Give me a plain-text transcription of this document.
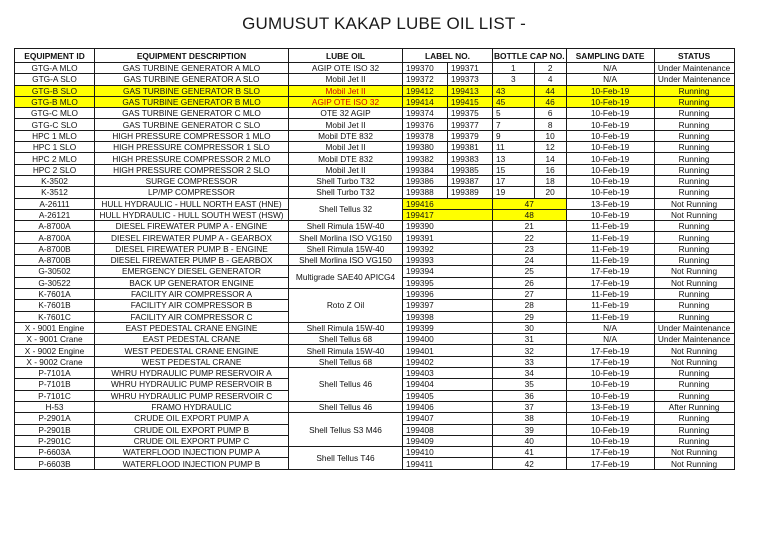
GUMUSUT KAKAP LUBE OIL LIST -
EQUIPMENT ID	EQUIPMENT DESCRIPTION	LUBE OIL	LABEL NO.		BOTTLE CAP NO.		SAMPLING DATE	STATUS
GTG-A MLO	GAS TURBINE GENERATOR A MLO	AGIP OTE ISO 32	199370	199371	1	2	N/A	Under Maintenance
GTG-A SLO	GAS TURBINE GENERATOR A SLO	Mobil Jet II	199372	199373	3	4	N/A	Under Maintenance
GTG-B SLO	GAS TURBINE GENERATOR B SLO	Mobil Jet II	199412	199413	43	44	10-Feb-19	Running
GTG-B MLO	GAS TURBINE GENERATOR B MLO	AGIP OTE ISO 32	199414	199415	45	46	10-Feb-19	Running
GTG-C MLO	GAS TURBINE GENERATOR C MLO	OTE 32 AGIP	199374	199375	5	6	10-Feb-19	Running
GTG-C SLO	GAS TURBINE GENERATOR C SLO	Mobil Jet II	199376	199377	7	8	10-Feb-19	Running
HPC 1 MLO	HIGH PRESSURE COMPRESSOR 1 MLO	Mobil DTE 832	199378	199379	9	10	10-Feb-19	Running
HPC 1 SLO	HIGH PRESSURE COMPRESSOR 1 SLO	Mobil Jet II	199380	199381	11	12	10-Feb-19	Running
HPC 2 MLO	HIGH PRESSURE COMPRESSOR 2 MLO	Mobil DTE 832	199382	199383	13	14	10-Feb-19	Running
HPC 2 SLO	HIGH PRESSURE COMPRESSOR 2 SLO	Mobil Jet II	199384	199385	15	16	10-Feb-19	Running
K-3502	SURGE COMPRESSOR	Shell Turbo T32	199386	199387	17	18	10-Feb-19	Running
K-3512	LP/MP COMPRESSOR	Shell Turbo T32	199388	199389	19	20	10-Feb-19	Running
A-26111	HULL HYDRAULIC - HULL NORTH EAST (HNE)	Shell Tellus 32	199416		47		13-Feb-19	Not Running
A-26121	HULL HYDRAULIC - HULL SOUTH WEST (HSW)		199417		48		10-Feb-19	Not Running
A-8700A	DIESEL FIREWATER PUMP A - ENGINE	Shell Rimula 15W-40	199390		21		11-Feb-19	Running
A-8700A	DIESEL FIREWATER PUMP A - GEARBOX	Shell Morlina ISO VG150	199391		22		11-Feb-19	Running
A-8700B	DIESEL FIREWATER PUMP B - ENGINE	Shell Rimula 15W-40	199392		23		11-Feb-19	Running
A-8700B	DIESEL FIREWATER PUMP B - GEARBOX	Shell Morlina ISO VG150	199393		24		11-Feb-19	Running
G-30502	EMERGENCY DIESEL GENERATOR	Multigrade SAE40 APICG4	199394		25		17-Feb-19	Not Running
G-30522	BACK UP GENERATOR ENGINE		199395		26		17-Feb-19	Not Running
K-7601A	FACILITY AIR COMPRESSOR A	Roto Z Oil	199396		27		11-Feb-19	Running
K-7601B	FACILITY AIR COMPRESSOR B		199397		28		11-Feb-19	Running
K-7601C	FACILITY AIR COMPRESSOR C		199398		29		11-Feb-19	Running
X - 9001 Engine	EAST PEDESTAL CRANE ENGINE	Shell Rimula 15W-40	199399		30		N/A	Under Maintenance
X - 9001 Crane	EAST PEDESTAL CRANE	Shell Tellus 68	199400		31		N/A	Under Maintenance
X - 9002 Engine	WEST PEDESTAL CRANE ENGINE	Shell Rimula 15W-40	199401		32		17-Feb-19	Not Running
X - 9002 Crane	WEST PEDESTAL CRANE	Shell Tellus 68	199402		33		17-Feb-19	Not Running
P-7101A	WHRU HYDRAULIC PUMP RESERVOIR A	Shell Tellus 46	199403		34		10-Feb-19	Running
P-7101B	WHRU HYDRAULIC PUMP RESERVOIR B		199404		35		10-Feb-19	Running
P-7101C	WHRU HYDRAULIC PUMP RESERVOIR C		199405		36		10-Feb-19	Running
H-53	FRAMO HYDRAULIC	Shell Tellus 46	199406		37		13-Feb-19	After Running
P-2901A	CRUDE OIL EXPORT PUMP A	Shell Tellus S3 M46	199407		38		10-Feb-19	Running
P-2901B	CRUDE OIL EXPORT PUMP B		199408		39		10-Feb-19	Running
P-2901C	CRUDE OIL EXPORT PUMP C		199409		40		10-Feb-19	Running
P-6603A	WATERFLOOD INJECTION PUMP A	Shell Tellus T46	199410		41		17-Feb-19	Not Running
P-6603B	WATERFLOOD INJECTION PUMP B		199411		42		17-Feb-19	Not Running
